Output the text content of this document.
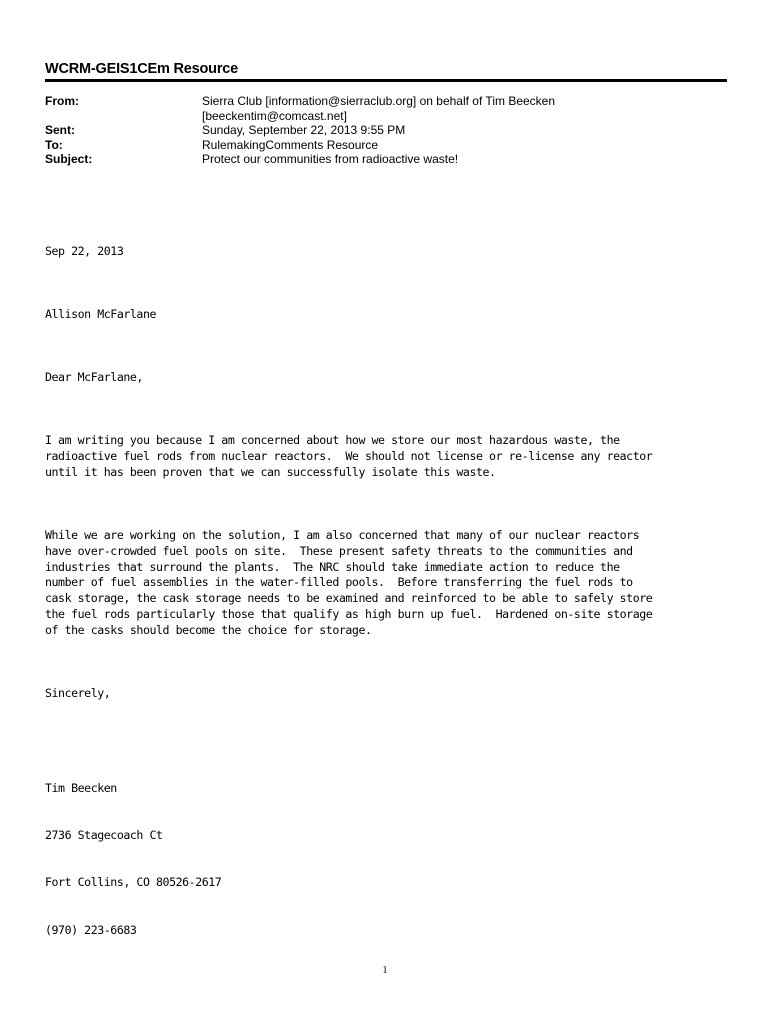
WCRM-GEIS1CEm Resource
From:	Sierra Club [information@sierraclub.org] on behalf of Tim Beecken
[beeckentim@comcast.net]
Sent:	Sunday, September 22, 2013 9:55 PM
To:	RulemakingComments Resource
Subject:	Protect our communities from radioactive waste!

Sep 22, 2013

Allison McFarlane

Dear McFarlane,

I am writing you because I am concerned about how we store our most hazardous waste, the
radioactive fuel rods from nuclear reactors.  We should not license or re-license any reactor
until it has been proven that we can successfully isolate this waste.

While we are working on the solution, I am also concerned that many of our nuclear reactors
have over-crowded fuel pools on site.  These present safety threats to the communities and
industries that surround the plants.  The NRC should take immediate action to reduce the
number of fuel assemblies in the water-filled pools.  Before transferring the fuel rods to
cask storage, the cask storage needs to be examined and reinforced to be able to safely store
the fuel rods particularly those that qualify as high burn up fuel.  Hardened on-site storage
of the casks should become the choice for storage.

Sincerely,

Tim Beecken

2736 Stagecoach Ct

Fort Collins, CO 80526-2617

(970) 223-6683

1
